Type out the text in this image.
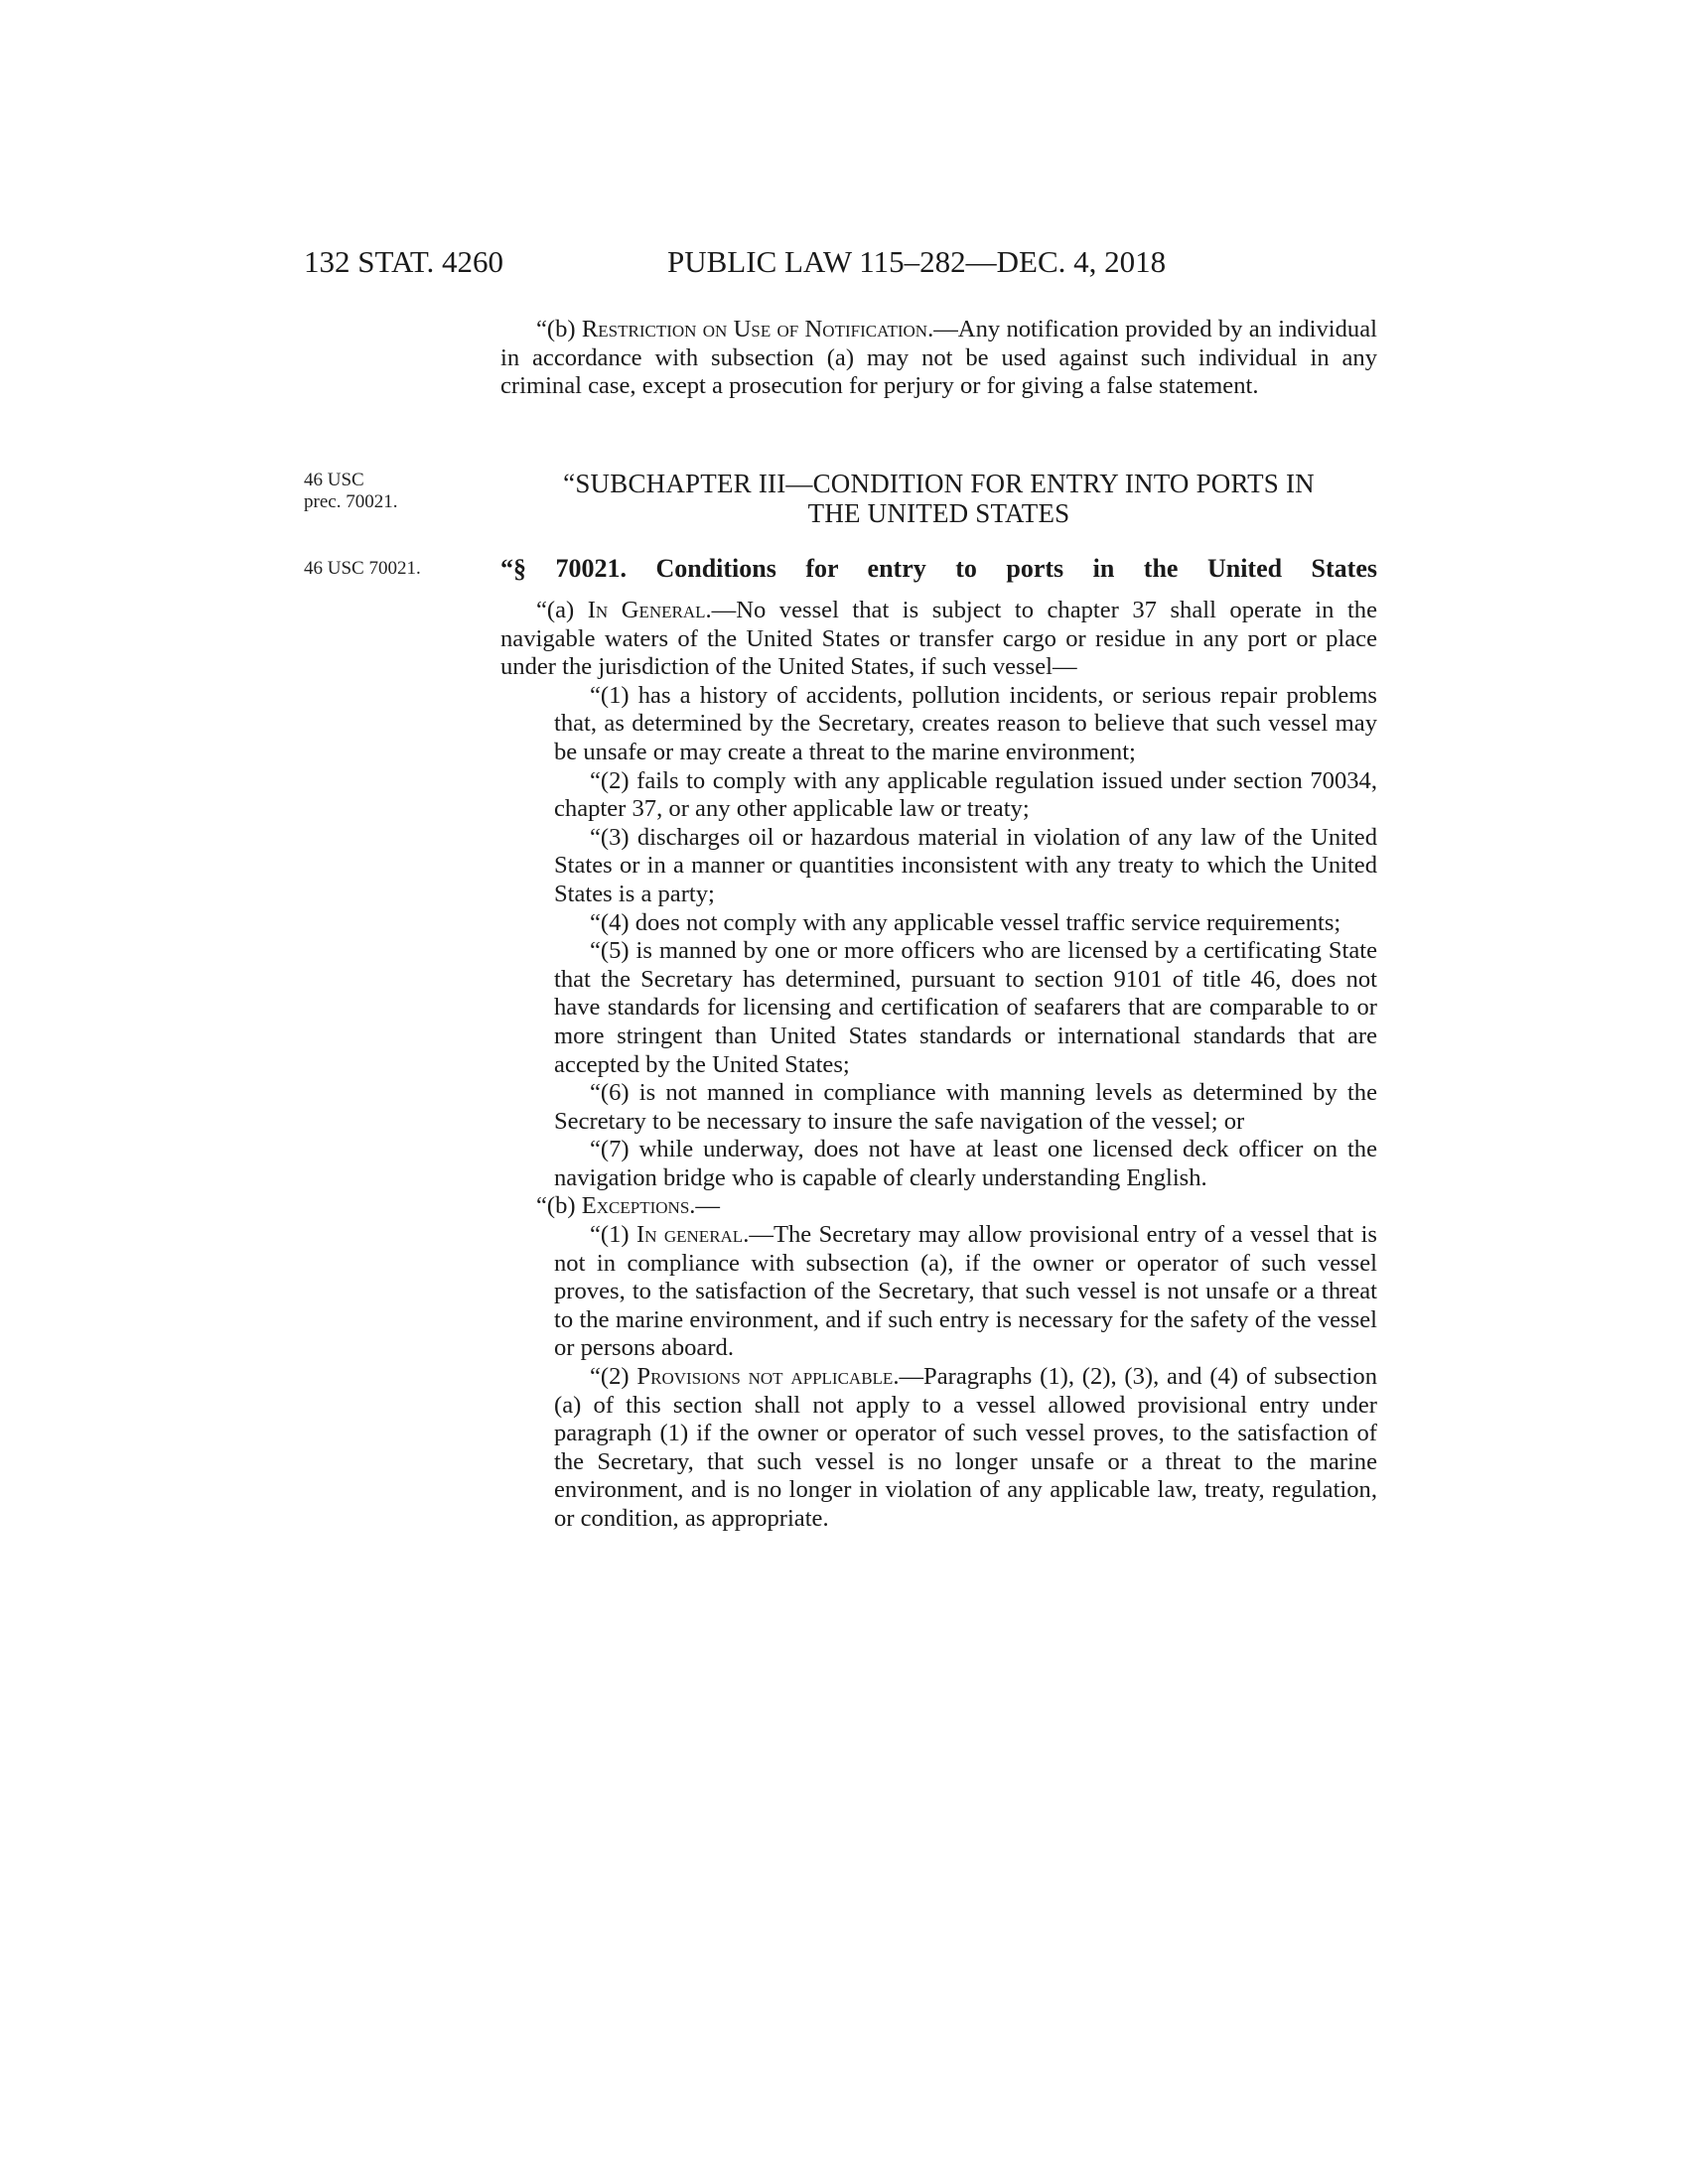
132 STAT. 4260	PUBLIC LAW 115–282—DEC. 4, 2018

“(b) Restriction on Use of Notification.—Any notification provided by an individual in accordance with subsection (a) may not be used against such individual in any criminal case, except a prosecution for perjury or for giving a false statement.

46 USC
prec. 70021.
46 USC 70021.
“SUBCHAPTER III—CONDITION FOR ENTRY INTO PORTS IN
THE UNITED STATES
“§ 70021. Conditions for entry to ports in the United States

“(a) In General.—No vessel that is subject to chapter 37 shall operate in the navigable waters of the United States or transfer cargo or residue in any port or place under the jurisdiction of the United States, if such vessel—

“(1) has a history of accidents, pollution incidents, or serious repair problems that, as determined by the Secretary, creates reason to believe that such vessel may be unsafe or may create a threat to the marine environment;

“(2) fails to comply with any applicable regulation issued under section 70034, chapter 37, or any other applicable law or treaty;

“(3) discharges oil or hazardous material in violation of any law of the United States or in a manner or quantities inconsistent with any treaty to which the United States is a party;

“(4) does not comply with any applicable vessel traffic service requirements;

“(5) is manned by one or more officers who are licensed by a certificating State that the Secretary has determined, pursuant to section 9101 of title 46, does not have standards for licensing and certification of seafarers that are comparable to or more stringent than United States standards or international standards that are accepted by the United States;

“(6) is not manned in compliance with manning levels as determined by the Secretary to be necessary to insure the safe navigation of the vessel; or

“(7) while underway, does not have at least one licensed deck officer on the navigation bridge who is capable of clearly understanding English.

“(b) Exceptions.—

“(1) In general.—The Secretary may allow provisional entry of a vessel that is not in compliance with subsection (a), if the owner or operator of such vessel proves, to the satisfaction of the Secretary, that such vessel is not unsafe or a threat to the marine environment, and if such entry is necessary for the safety of the vessel or persons aboard.

“(2) Provisions not applicable.—Paragraphs (1), (2), (3), and (4) of subsection (a) of this section shall not apply to a vessel allowed provisional entry under paragraph (1) if the owner or operator of such vessel proves, to the satisfaction of the Secretary, that such vessel is no longer unsafe or a threat to the marine environment, and is no longer in violation of any applicable law, treaty, regulation, or condition, as appropriate.
